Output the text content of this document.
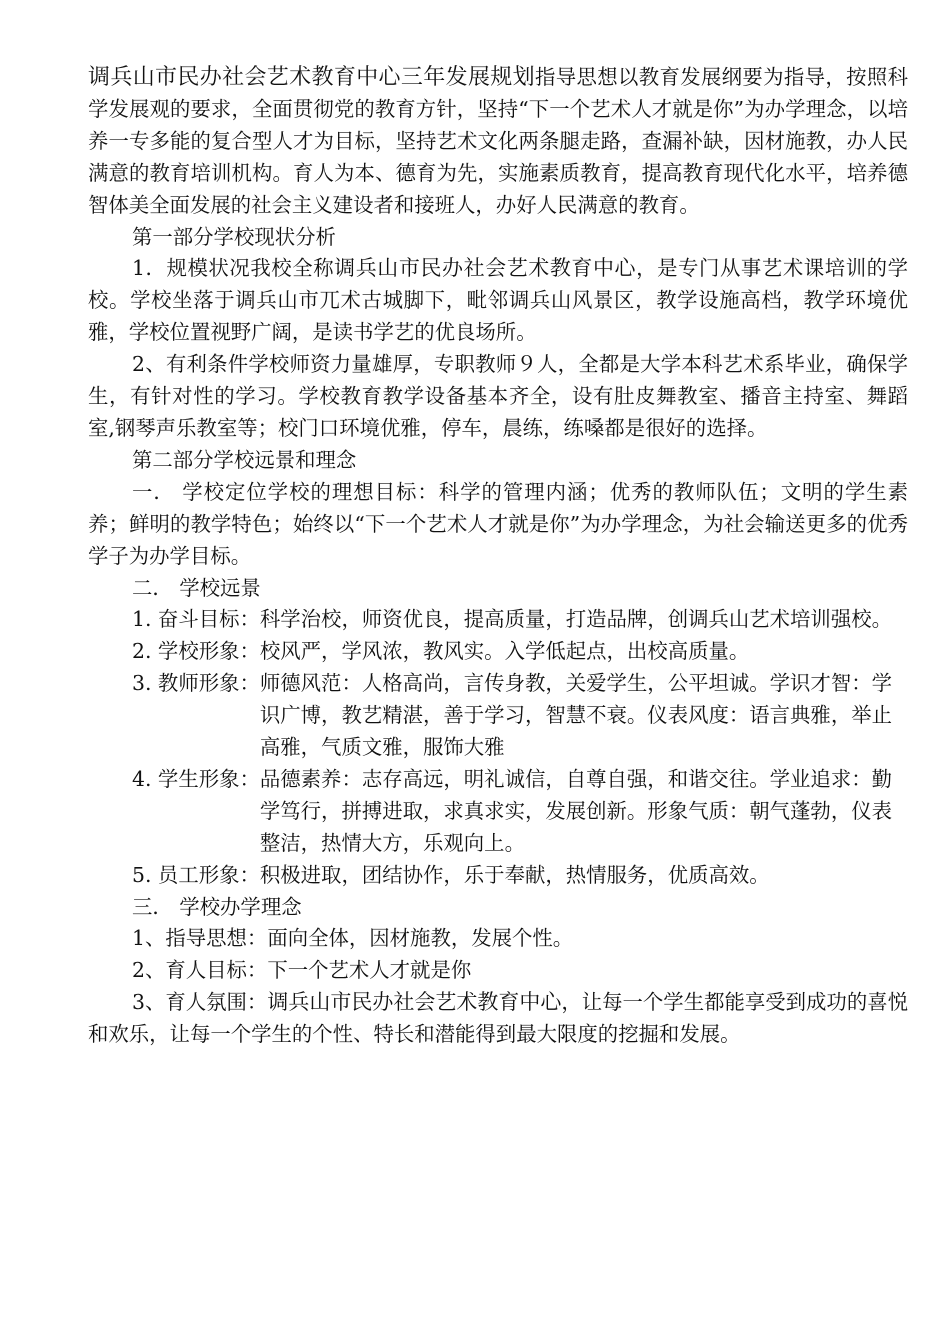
调兵山市民办社会艺术教育中心三年发展规划指导思想以教育发展纲要为指导，按照科学发展观的要求，全面贯彻党的教育方针，坚持“下一个艺术人才就是你”为办学理念，以培养一专多能的复合型人才为目标，坚持艺术文化两条腿走路，查漏补缺，因材施教，办人民满意的教育培训机构。育人为本、德育为先，实施素质教育，提高教育现代化水平，培养德智体美全面发展的社会主义建设者和接班人，办好人民满意的教育。

第一部分学校现状分析

1．规模状况我校全称调兵山市民办社会艺术教育中心，是专门从事艺术课培训的学校。学校坐落于调兵山市兀术古城脚下，毗邻调兵山风景区，教学设施高档，教学环境优雅，学校位置视野广阔，是读书学艺的优良场所。

2、有利条件学校师资力量雄厚，专职教师９人，全都是大学本科艺术系毕业，确保学生，有针对性的学习。学校教育教学设备基本齐全，设有肚皮舞教室、播音主持室、舞蹈室,钢琴声乐教室等；校门口环境优雅，停车，晨练，练嗓都是很好的选择。

第二部分学校远景和理念

一． 学校定位学校的理想目标：科学的管理内涵；优秀的教师队伍；文明的学生素养；鲜明的教学特色；始终以“下一个艺术人才就是你”为办学理念，为社会输送更多的优秀学子为办学目标。

二． 学校远景

1. 奋斗目标：科学治校，师资优良，提高质量，打造品牌，创调兵山艺术培训强校。

2. 学校形象：校风严，学风浓，教风实。入学低起点，出校高质量。

3. 教师形象： 师德风范：人格高尚，言传身教，关爱学生，公平坦诚。学识才智：学识广博，教艺精湛，善于学习，智慧不衰。仪表风度：语言典雅，举止高雅，气质文雅，服饰大雅
4. 学生形象： 品德素养：志存高远，明礼诚信，自尊自强，和谐交往。学业追求：勤学笃行，拼搏进取，求真求实，发展创新。形象气质：朝气蓬勃，仪表整洁，热情大方，乐观向上。

5. 员工形象：积极进取，团结协作，乐于奉献，热情服务，优质高效。

三． 学校办学理念

1、指导思想：面向全体，因材施教，发展个性。

2、育人目标：下一个艺术人才就是你

3、育人氛围：调兵山市民办社会艺术教育中心，让每一个学生都能享受到成功的喜悦和欢乐，让每一个学生的个性、特长和潜能得到最大限度的挖掘和发展。
